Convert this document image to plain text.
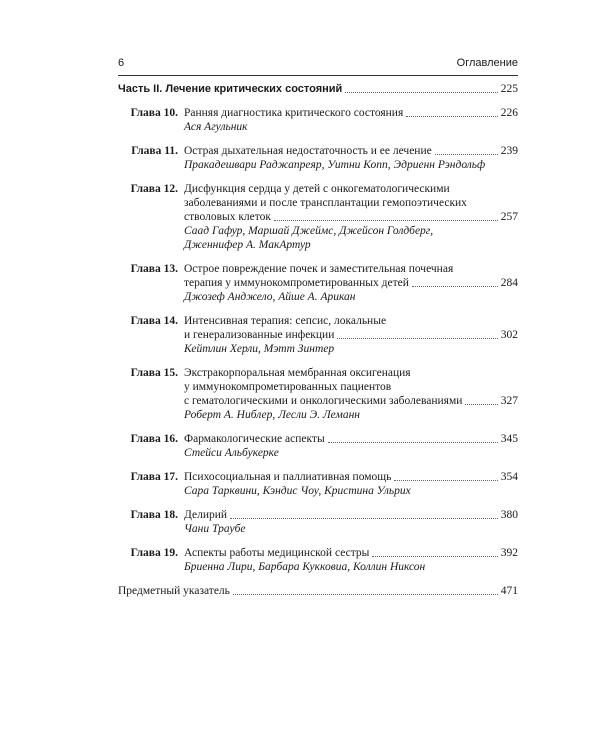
6	Оглавление
Часть II. Лечение критических состояний	225
Глава 10. Ранняя диагностика критического состояния	226
Ася Агульник
Глава 11. Острая дыхательная недостаточность и ее лечение	239
Пракадешвари Раджапреяр, Уитни Копп, Эдриенн Рэндольф
Глава 12. Дисфункция сердца у детей с онкогематологическими
заболеваниями и после трансплантации гемопоэтических
стволовых клеток	257
Саад Гафур, Маршай Джеймс, Джейсон Голдберг,
Дженнифер А. МакАртур
Глава 13. Острое повреждение почек и заместительная почечная
терапия у иммунокомпрометированных детей	284
Джозеф Анджело, Айше А. Арикан
Глава 14. Интенсивная терапия: сепсис, локальные
и генерализованные инфекции	302
Кейтлин Херли, Мэтт Зинтер
Глава 15. Экстракорпоральная мембранная оксигенация
у иммунокомпрометированных пациентов
с гематологическими и онкологическими заболеваниями	327
Роберт А. Ниблер, Лесли Э. Леманн
Глава 16. Фармакологические аспекты	345
Стейси Альбукерке
Глава 17. Психосоциальная и паллиативная помощь	354
Сара Тарквини, Кэндис Чоу, Кристина Ульрих
Глава 18. Делирий	380
Чани Траубе
Глава 19. Аспекты работы медицинской сестры	392
Бриенна Лири, Барбара Кукковиа, Коллин Никсон
Предметный указатель	471
